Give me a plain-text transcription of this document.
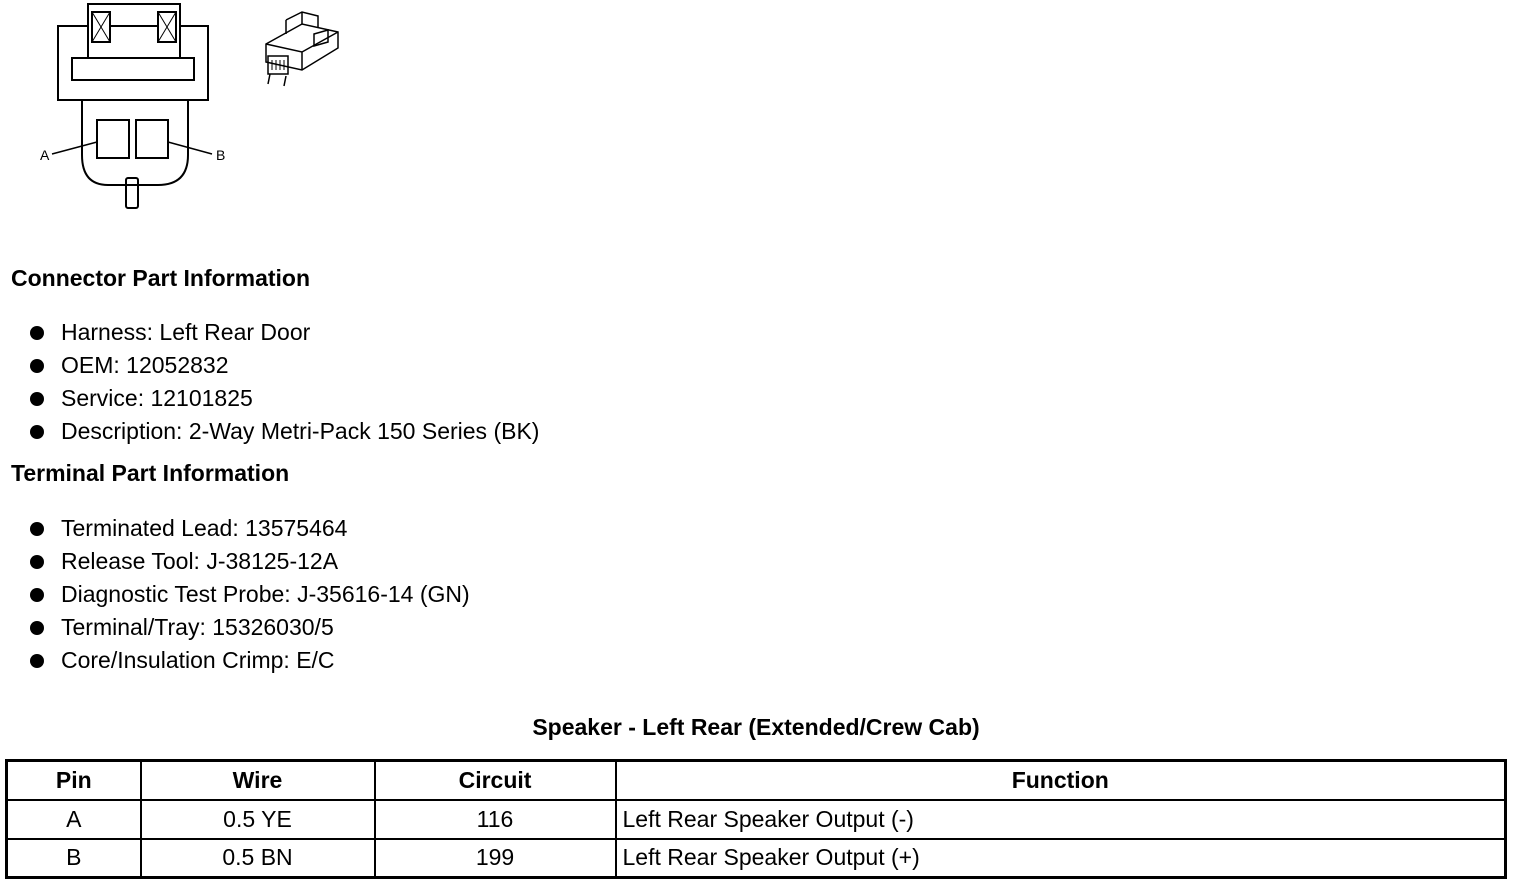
A	B
Connector Part Information
Harness: Left Rear Door
OEM: 12052832
Service: 12101825
Description: 2-Way Metri-Pack 150 Series (BK)
Terminal Part Information
Terminated Lead: 13575464
Release Tool: J-38125-12A
Diagnostic Test Probe: J-35616-14 (GN)
Terminal/Tray: 15326030/5
Core/Insulation Crimp: E/C
Speaker - Left Rear (Extended/Crew Cab)
Pin	Wire	Circuit	Function
A	0.5 YE	116	Left Rear Speaker Output (-)
B	0.5 BN	199	Left Rear Speaker Output (+)
